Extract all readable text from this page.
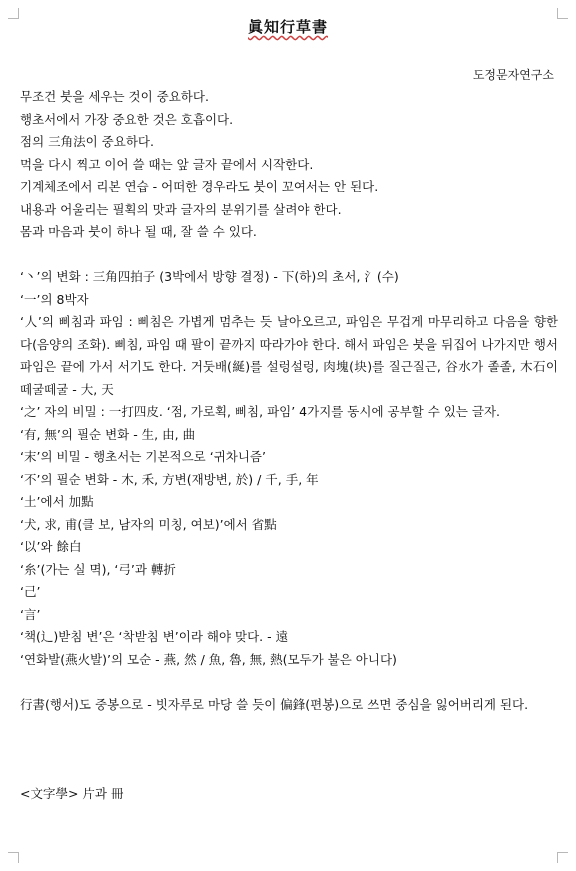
眞知行草書
도정문자연구소

무조건 붓을 세우는 것이 중요하다.

행초서에서 가장 중요한 것은 호흡이다.

점의 三角法이 중요하다.

먹을 다시 찍고 이어 쓸 때는 앞 글자 끝에서 시작한다.

기계체조에서 리본 연습 - 어떠한 경우라도 붓이 꼬여서는 안 된다.

내용과 어울리는 필획의 맛과 글자의 분위기를 살려야 한다.

몸과 마음과 붓이 하나 될 때, 잘 쓸 수 있다.

‘丶’의 변화 : 三角四拍子 (3박에서 방향 결정) - 下(하)의 초서, 氵(수)

‘一’의 8박자

‘人’의 삐침과 파임 : 삐침은 가볍게 멈추는 듯 날아오르고, 파임은 무겁게 마무리하고 다음을 향한다(음양의 조화). 삐침, 파임 때 팔이 끝까지 따라가야 한다. 해서 파임은 붓을 뒤집어 나가지만 행서 파임은 끝에 가서 서기도 한다. 거둣배(綖)를 설렁설렁, 肉塊(块)를 질근질근, 谷水가 졸졸, 木石이 떼굴떼굴 - 大, 天

‘之’ 자의 비밀 : 一打四皮. ‘점, 가로획, 삐침, 파임’ 4가지를 동시에 공부할 수 있는 글자.

‘有, 無’의 필순 변화 - 生, 由, 曲

‘末’의 비밀 - 행초서는 기본적으로 ‘귀차니즘’

‘不’의 필순 변화 - 木, 禾, 方변(재방변, 於) / 千, 手, 年

‘土’에서 加點

‘犬, 求, 甫(클 보, 남자의 미칭, 여보)’에서 省點

‘以’와 餘白

‘糸’(가는 실 멱), ‘弓’과 轉折

‘己’

‘言’

‘책(辶)받침 변’은 ‘착받침 변’이라 해야 맞다. - 遠

‘연화발(燕火발)’의 모순 - 燕, 然 / 魚, 魯, 無, 熱(모두가 불은 아니다)

行書(행서)도 중봉으로 - 빗자루로 마당 쓸 듯이 偏鋒(편봉)으로 쓰면 중심을 잃어버리게 된다.

<文字學> 片과 冊
